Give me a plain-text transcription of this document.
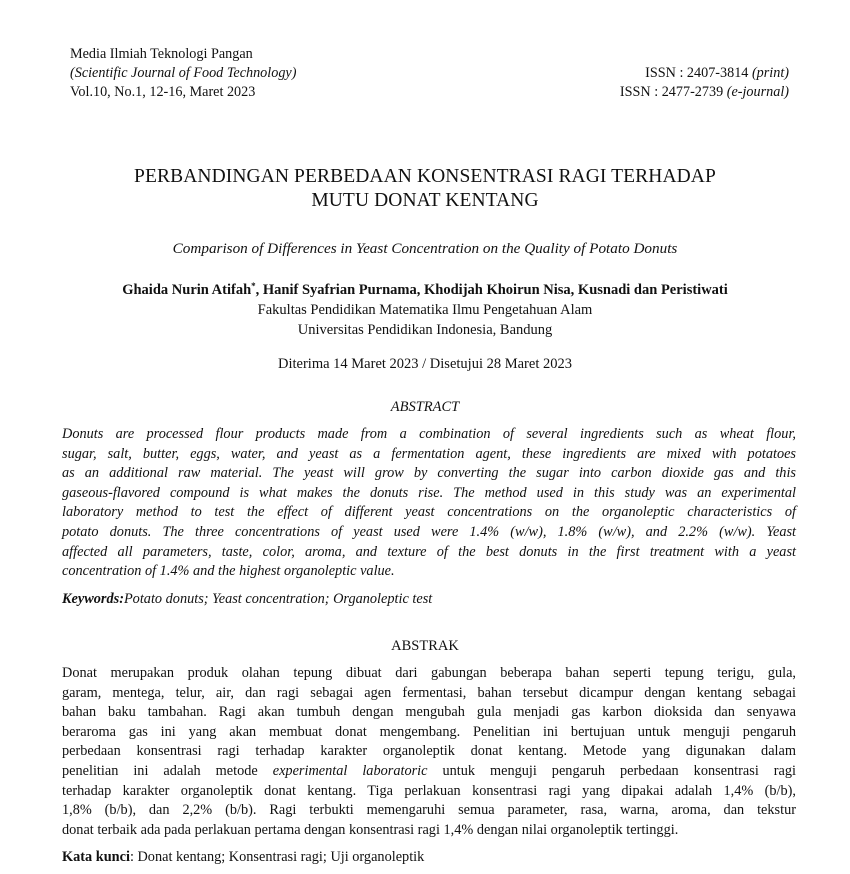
Media Ilmiah Teknologi Pangan
(Scientific Journal of Food Technology)
Vol.10, No.1, 12-16, Maret 2023
ISSN : 2407-3814 (print)
ISSN : 2477-2739 (e-journal)
PERBANDINGAN PERBEDAAN KONSENTRASI RAGI TERHADAP
MUTU DONAT KENTANG
Comparison of Differences in Yeast Concentration on the Quality of Potato Donuts
Ghaida Nurin Atifah*, Hanif Syafrian Purnama, Khodijah Khoirun Nisa, Kusnadi dan Peristiwati
Fakultas Pendidikan Matematika Ilmu Pengetahuan Alam
Universitas Pendidikan Indonesia, Bandung
Diterima 14 Maret 2023 / Disetujui 28 Maret 2023
ABSTRACT
Donuts are processed flour products made from a combination of several ingredients such as wheat flour,
sugar, salt, butter, eggs, water, and yeast as a fermentation agent, these ingredients are mixed with potatoes
as an additional raw material. The yeast will grow by converting the sugar into carbon dioxide gas and this
gaseous-flavored compound is what makes the donuts rise. The method used in this study was an experimental
laboratory method to test the effect of different yeast concentrations on the organoleptic characteristics of
potato donuts. The three concentrations of yeast used were 1.4% (w/w), 1.8% (w/w), and 2.2% (w/w). Yeast
affected all parameters, taste, color, aroma, and texture of the best donuts in the first treatment with a yeast
concentration of 1.4% and the highest organoleptic value.
Keywords:Potato donuts; Yeast concentration; Organoleptic test
ABSTRAK
Donat merupakan produk olahan tepung dibuat dari gabungan beberapa bahan seperti tepung terigu, gula,
garam, mentega, telur, air, dan ragi sebagai agen fermentasi, bahan tersebut dicampur dengan kentang sebagai
bahan baku tambahan. Ragi akan tumbuh dengan mengubah gula menjadi gas karbon dioksida dan senyawa
beraroma gas ini yang akan membuat donat mengembang. Penelitian ini bertujuan untuk menguji pengaruh
perbedaan konsentrasi ragi terhadap karakter organoleptik donat kentang. Metode yang digunakan dalam
penelitian ini adalah metode experimental laboratoric untuk menguji pengaruh perbedaan konsentrasi ragi
terhadap karakter organoleptik donat kentang. Tiga perlakuan konsentrasi ragi yang dipakai adalah 1,4% (b/b),
1,8% (b/b), dan 2,2% (b/b). Ragi terbukti memengaruhi semua parameter, rasa, warna, aroma, dan tekstur
donat terbaik ada pada perlakuan pertama dengan konsentrasi ragi 1,4% dengan nilai organoleptik tertinggi.
Kata kunci: Donat kentang; Konsentrasi ragi; Uji organoleptik
